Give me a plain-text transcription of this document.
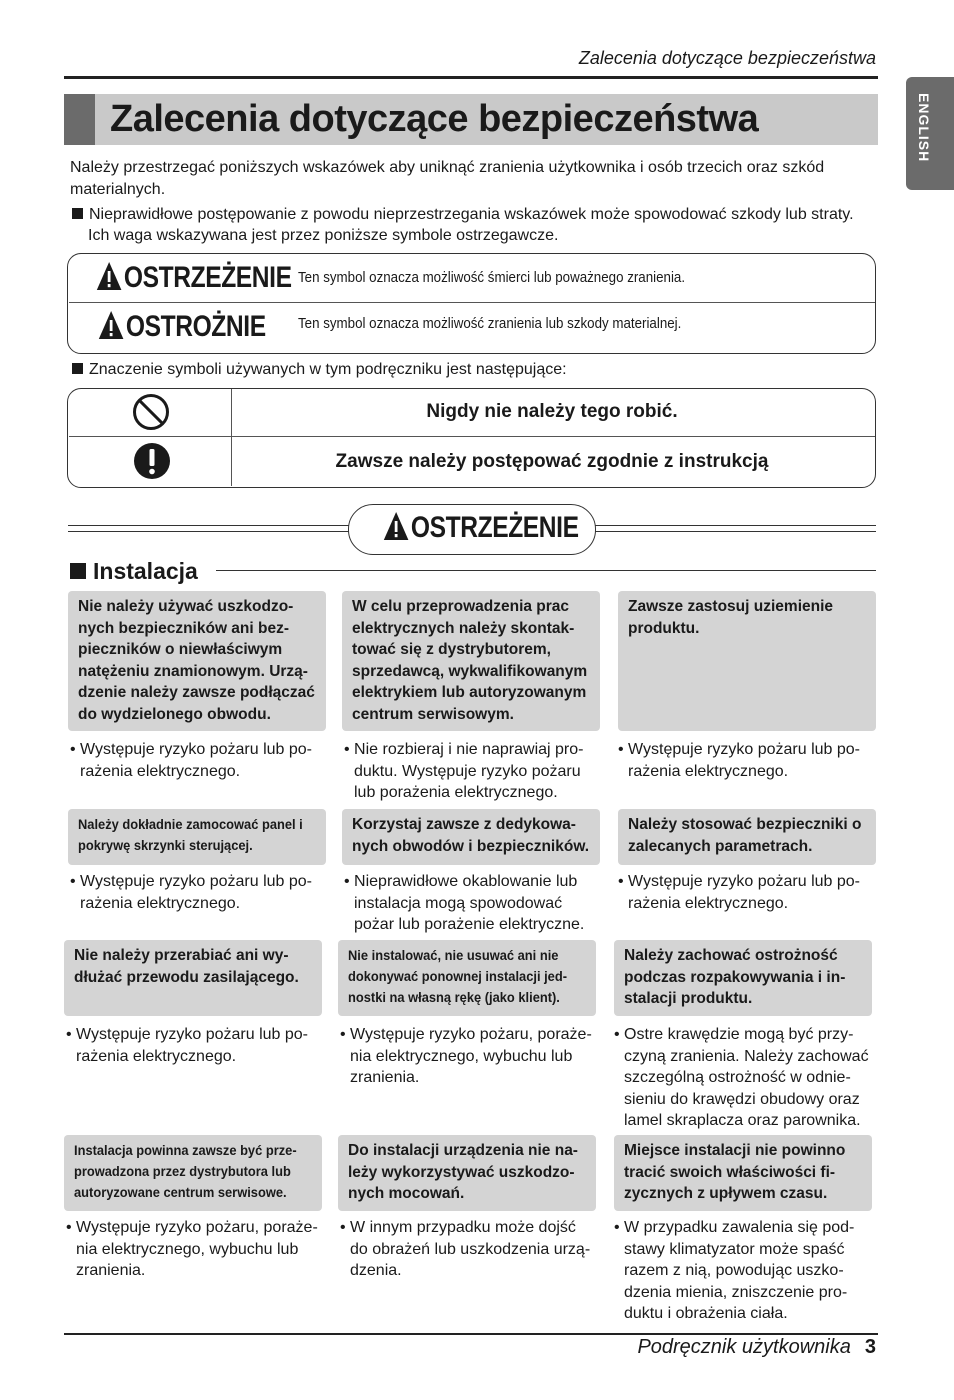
Zalecenia dotyczące bezpieczeństwa
ENGLISH
Zalecenia dotyczące bezpieczeństwa
Należy przestrzegać poniższych wskazówek aby uniknąć zranienia użytkownika i osób trzecich oraz szkód materialnych.
Nieprawidłowe postępowanie z powodu nieprzestrzegania wskazówek może spowodować szkody lub straty. Ich waga wskazywana jest przez poniższe symbole ostrzegawcze.
OSTRZEŻENIE Ten symbol oznacza możliwość śmierci lub poważnego zranienia.
OSTROŻNIE Ten symbol oznacza możliwość zranienia lub szkody materialnej.
Znaczenie symboli używanych w tym podręczniku jest następujące:
Nigdy nie należy tego robić.
Zawsze należy postępować zgodnie z instrukcją
OSTRZEŻENIE
Instalacja
Nie należy używać uszkodzo-nych bezpieczników ani bez-pieczników o niewłaściwym natężeniu znamionowym. Urzą-dzenie należy zawsze podłączać do wydzielonego obwodu.
W celu przeprowadzenia prac elektrycznych należy skontak-tować się z dystrybutorem, sprzedawcą, wykwalifikowanym elektrykiem lub autoryzowanym centrum serwisowym.
Zawsze zastosuj uziemienie produktu.
• Występuje ryzyko pożaru lub po-rażenia elektrycznego.
• Nie rozbieraj i nie naprawiaj pro-duktu. Występuje ryzyko pożaru lub porażenia elektrycznego.
• Występuje ryzyko pożaru lub po-rażenia elektrycznego.
Należy dokładnie zamocować panel i pokrywę skrzynki sterującej.
Korzystaj zawsze z dedykowa-nych obwodów i bezpieczników.
Należy stosować bezpieczniki o zalecanych parametrach.
• Występuje ryzyko pożaru lub po-rażenia elektrycznego.
• Nieprawidłowe okablowanie lub instalacja mogą spowodować pożar lub porażenie elektryczne.
• Występuje ryzyko pożaru lub po-rażenia elektrycznego.
Nie należy przerabiać ani wy-dłużać przewodu zasilającego.
Nie instalować, nie usuwać ani nie dokonywać ponownej instalacji jed-nostki na własną rękę (jako klient).
Należy zachować ostrożność podczas rozpakowywania i in-stalacji produktu.
• Występuje ryzyko pożaru lub po-rażenia elektrycznego.
• Występuje ryzyko pożaru, poraże-nia elektrycznego, wybuchu lub zranienia.
• Ostre krawędzie mogą być przy-czyną zranienia. Należy zachować szczególną ostrożność w odnie-sieniu do krawędzi obudowy oraz lamel skraplacza oraz parownika.
Instalacja powinna zawsze być prze-prowadzona przez dystrybutora lub autoryzowane centrum serwisowe.
Do instalacji urządzenia nie na-leży wykorzystywać uszkodzo-nych mocowań.
Miejsce instalacji nie powinno tracić swoich właściwości fi-zycznych z upływem czasu.
• Występuje ryzyko pożaru, poraże-nia elektrycznego, wybuchu lub zranienia.
• W innym przypadku może dojść do obrażeń lub uszkodzenia urzą-dzenia.
• W przypadku zawalenia się pod-stawy klimatyzator może spaść razem z nią, powodując uszko-dzenia mienia, zniszczenie pro-duktu i obrażenia ciała.
Podręcznik użytkownika 3
